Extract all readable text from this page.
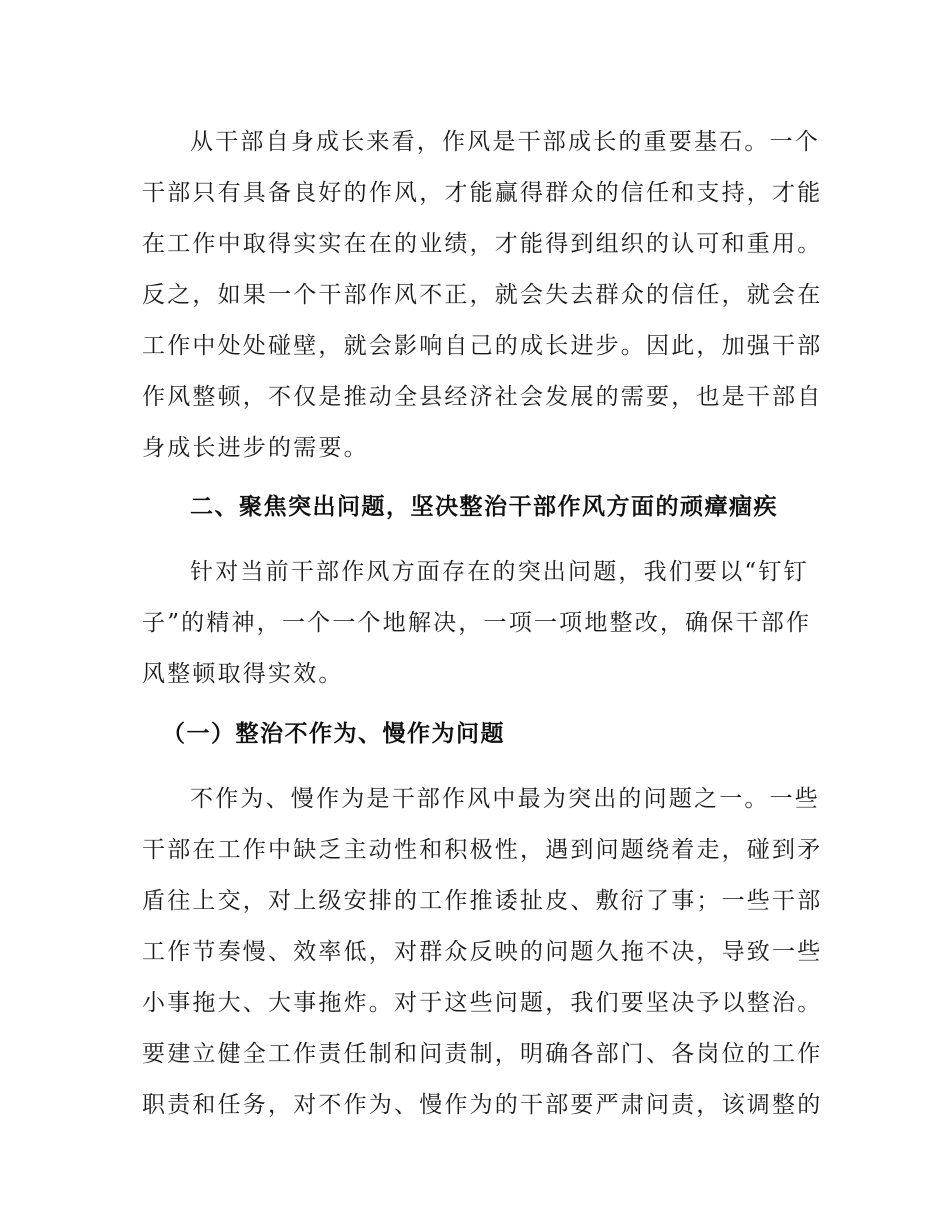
从干部自身成长来看，作风是干部成长的重要基石。一个
干部只有具备良好的作风，才能赢得群众的信任和支持，才能
在工作中取得实实在在的业绩，才能得到组织的认可和重用。
反之，如果一个干部作风不正，就会失去群众的信任，就会在
工作中处处碰壁，就会影响自己的成长进步。因此，加强干部
作风整顿，不仅是推动全县经济社会发展的需要，也是干部自
身成长进步的需要。
二、聚焦突出问题，坚决整治干部作风方面的顽瘴痼疾
针对当前干部作风方面存在的突出问题，我们要以“钉钉
子”的精神，一个一个地解决，一项一项地整改，确保干部作
风整顿取得实效。
（一）整治不作为、慢作为问题
不作为、慢作为是干部作风中最为突出的问题之一。一些
干部在工作中缺乏主动性和积极性，遇到问题绕着走，碰到矛
盾往上交，对上级安排的工作推诿扯皮、敷衍了事；一些干部
工作节奏慢、效率低，对群众反映的问题久拖不决，导致一些
小事拖大、大事拖炸。对于这些问题，我们要坚决予以整治。
要建立健全工作责任制和问责制，明确各部门、各岗位的工作
职责和任务，对不作为、慢作为的干部要严肃问责，该调整的
